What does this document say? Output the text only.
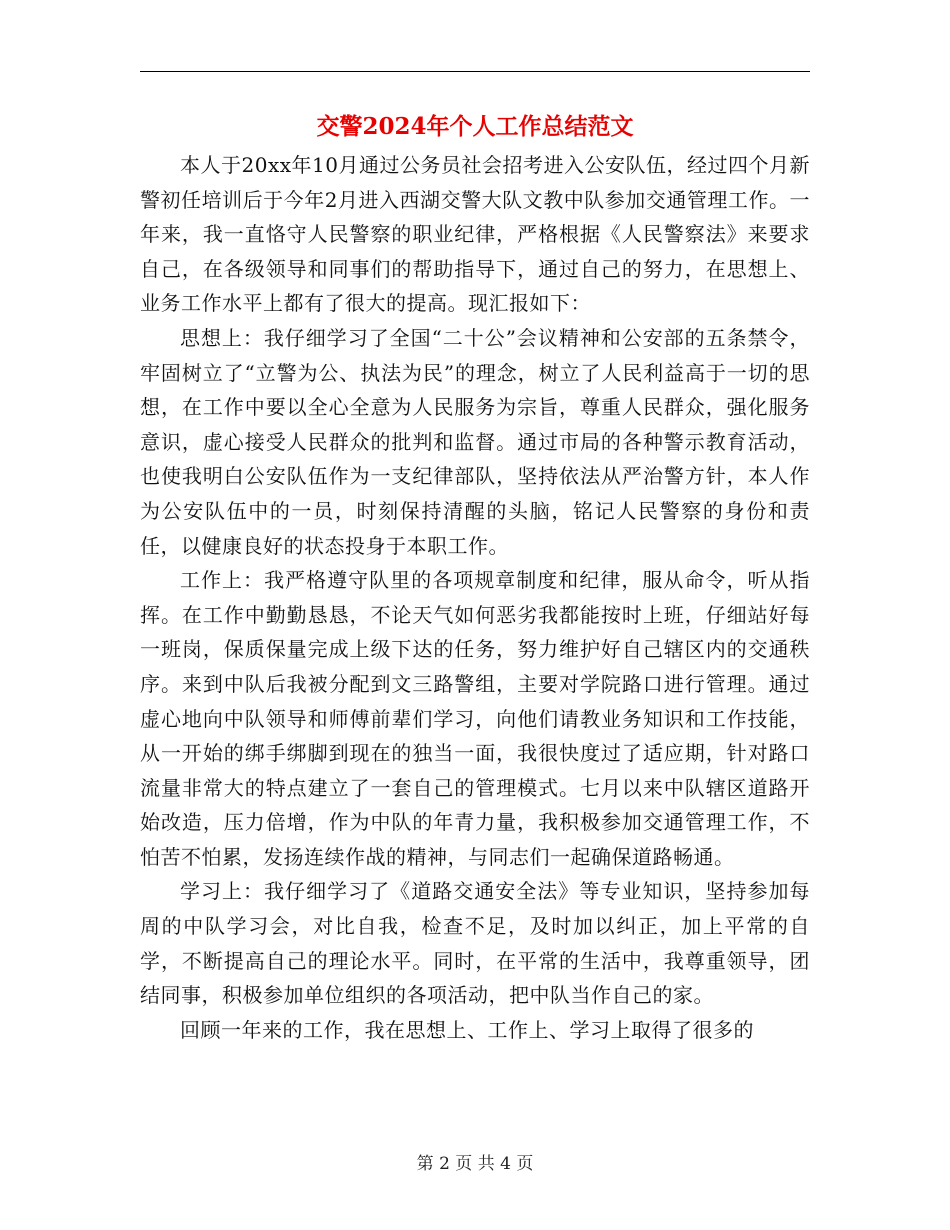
交警2024年个人工作总结范文

本人于20xx年10月通过公务员社会招考进入公安队伍，经过四个月新警初任培训后于今年2月进入西湖交警大队文教中队参加交通管理工作。一年来，我一直恪守人民警察的职业纪律，严格根据《人民警察法》来要求自己，在各级领导和同事们的帮助指导下，通过自己的努力，在思想上、业务工作水平上都有了很大的提高。现汇报如下：

思想上：我仔细学习了全国“二十公”会议精神和公安部的五条禁令，牢固树立了“立警为公、执法为民”的理念，树立了人民利益高于一切的思想，在工作中要以全心全意为人民服务为宗旨，尊重人民群众，强化服务意识，虚心接受人民群众的批判和监督。通过市局的各种警示教育活动，也使我明白公安队伍作为一支纪律部队，坚持依法从严治警方针，本人作为公安队伍中的一员，时刻保持清醒的头脑，铭记人民警察的身份和责任，以健康良好的状态投身于本职工作。

工作上：我严格遵守队里的各项规章制度和纪律，服从命令，听从指挥。在工作中勤勤恳恳，不论天气如何恶劣我都能按时上班，仔细站好每一班岗，保质保量完成上级下达的任务，努力维护好自己辖区内的交通秩序。来到中队后我被分配到文三路警组，主要对学院路口进行管理。通过虚心地向中队领导和师傅前辈们学习，向他们请教业务知识和工作技能，从一开始的绑手绑脚到现在的独当一面，我很快度过了适应期，针对路口流量非常大的特点建立了一套自己的管理模式。七月以来中队辖区道路开始改造，压力倍增，作为中队的年青力量，我积极参加交通管理工作，不怕苦不怕累，发扬连续作战的精神，与同志们一起确保道路畅通。

学习上：我仔细学习了《道路交通安全法》等专业知识，坚持参加每周的中队学习会，对比自我，检查不足，及时加以纠正，加上平常的自学，不断提高自己的理论水平。同时，在平常的生活中，我尊重领导，团结同事，积极参加单位组织的各项活动，把中队当作自己的家。

回顾一年来的工作，我在思想上、工作上、学习上取得了很多的

第 2 页 共 4 页
